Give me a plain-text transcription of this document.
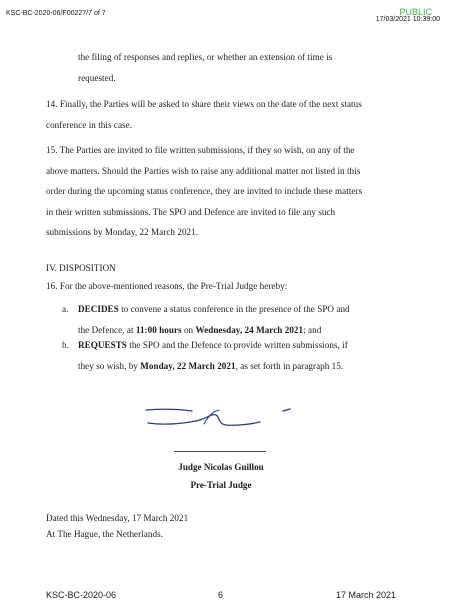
KSC-BC-2020-06/F00227/7 of 7	PUBLIC
17/03/2021 10:39:00

the filing of responses and replies, or whether an extension of time is
requested.

14. Finally, the Parties will be asked to share their views on the date of the next status
conference in this case.

15. The Parties are invited to file written submissions, if they so wish, on any of the
above matters. Should the Parties wish to raise any additional matter not listed in this
order during the upcoming status conference, they are invited to include these matters
in their written submissions. The SPO and Defence are invited to file any such
submissions by Monday, 22 March 2021.

IV. DISPOSITION

16. For the above-mentioned reasons, the Pre-Trial Judge hereby:

a. DECIDES to convene a status conference in the presence of the SPO and
the Defence, at 11:00 hours on Wednesday, 24 March 2021; and

b. REQUESTS the SPO and the Defence to provide written submissions, if
they so wish, by Monday, 22 March 2021, as set forth in paragraph 15.

Judge Nicolas Guillou
Pre-Trial Judge

Dated this Wednesday, 17 March 2021
At The Hague, the Netherlands.

KSC-BC-2020-06	6	17 March 2021
